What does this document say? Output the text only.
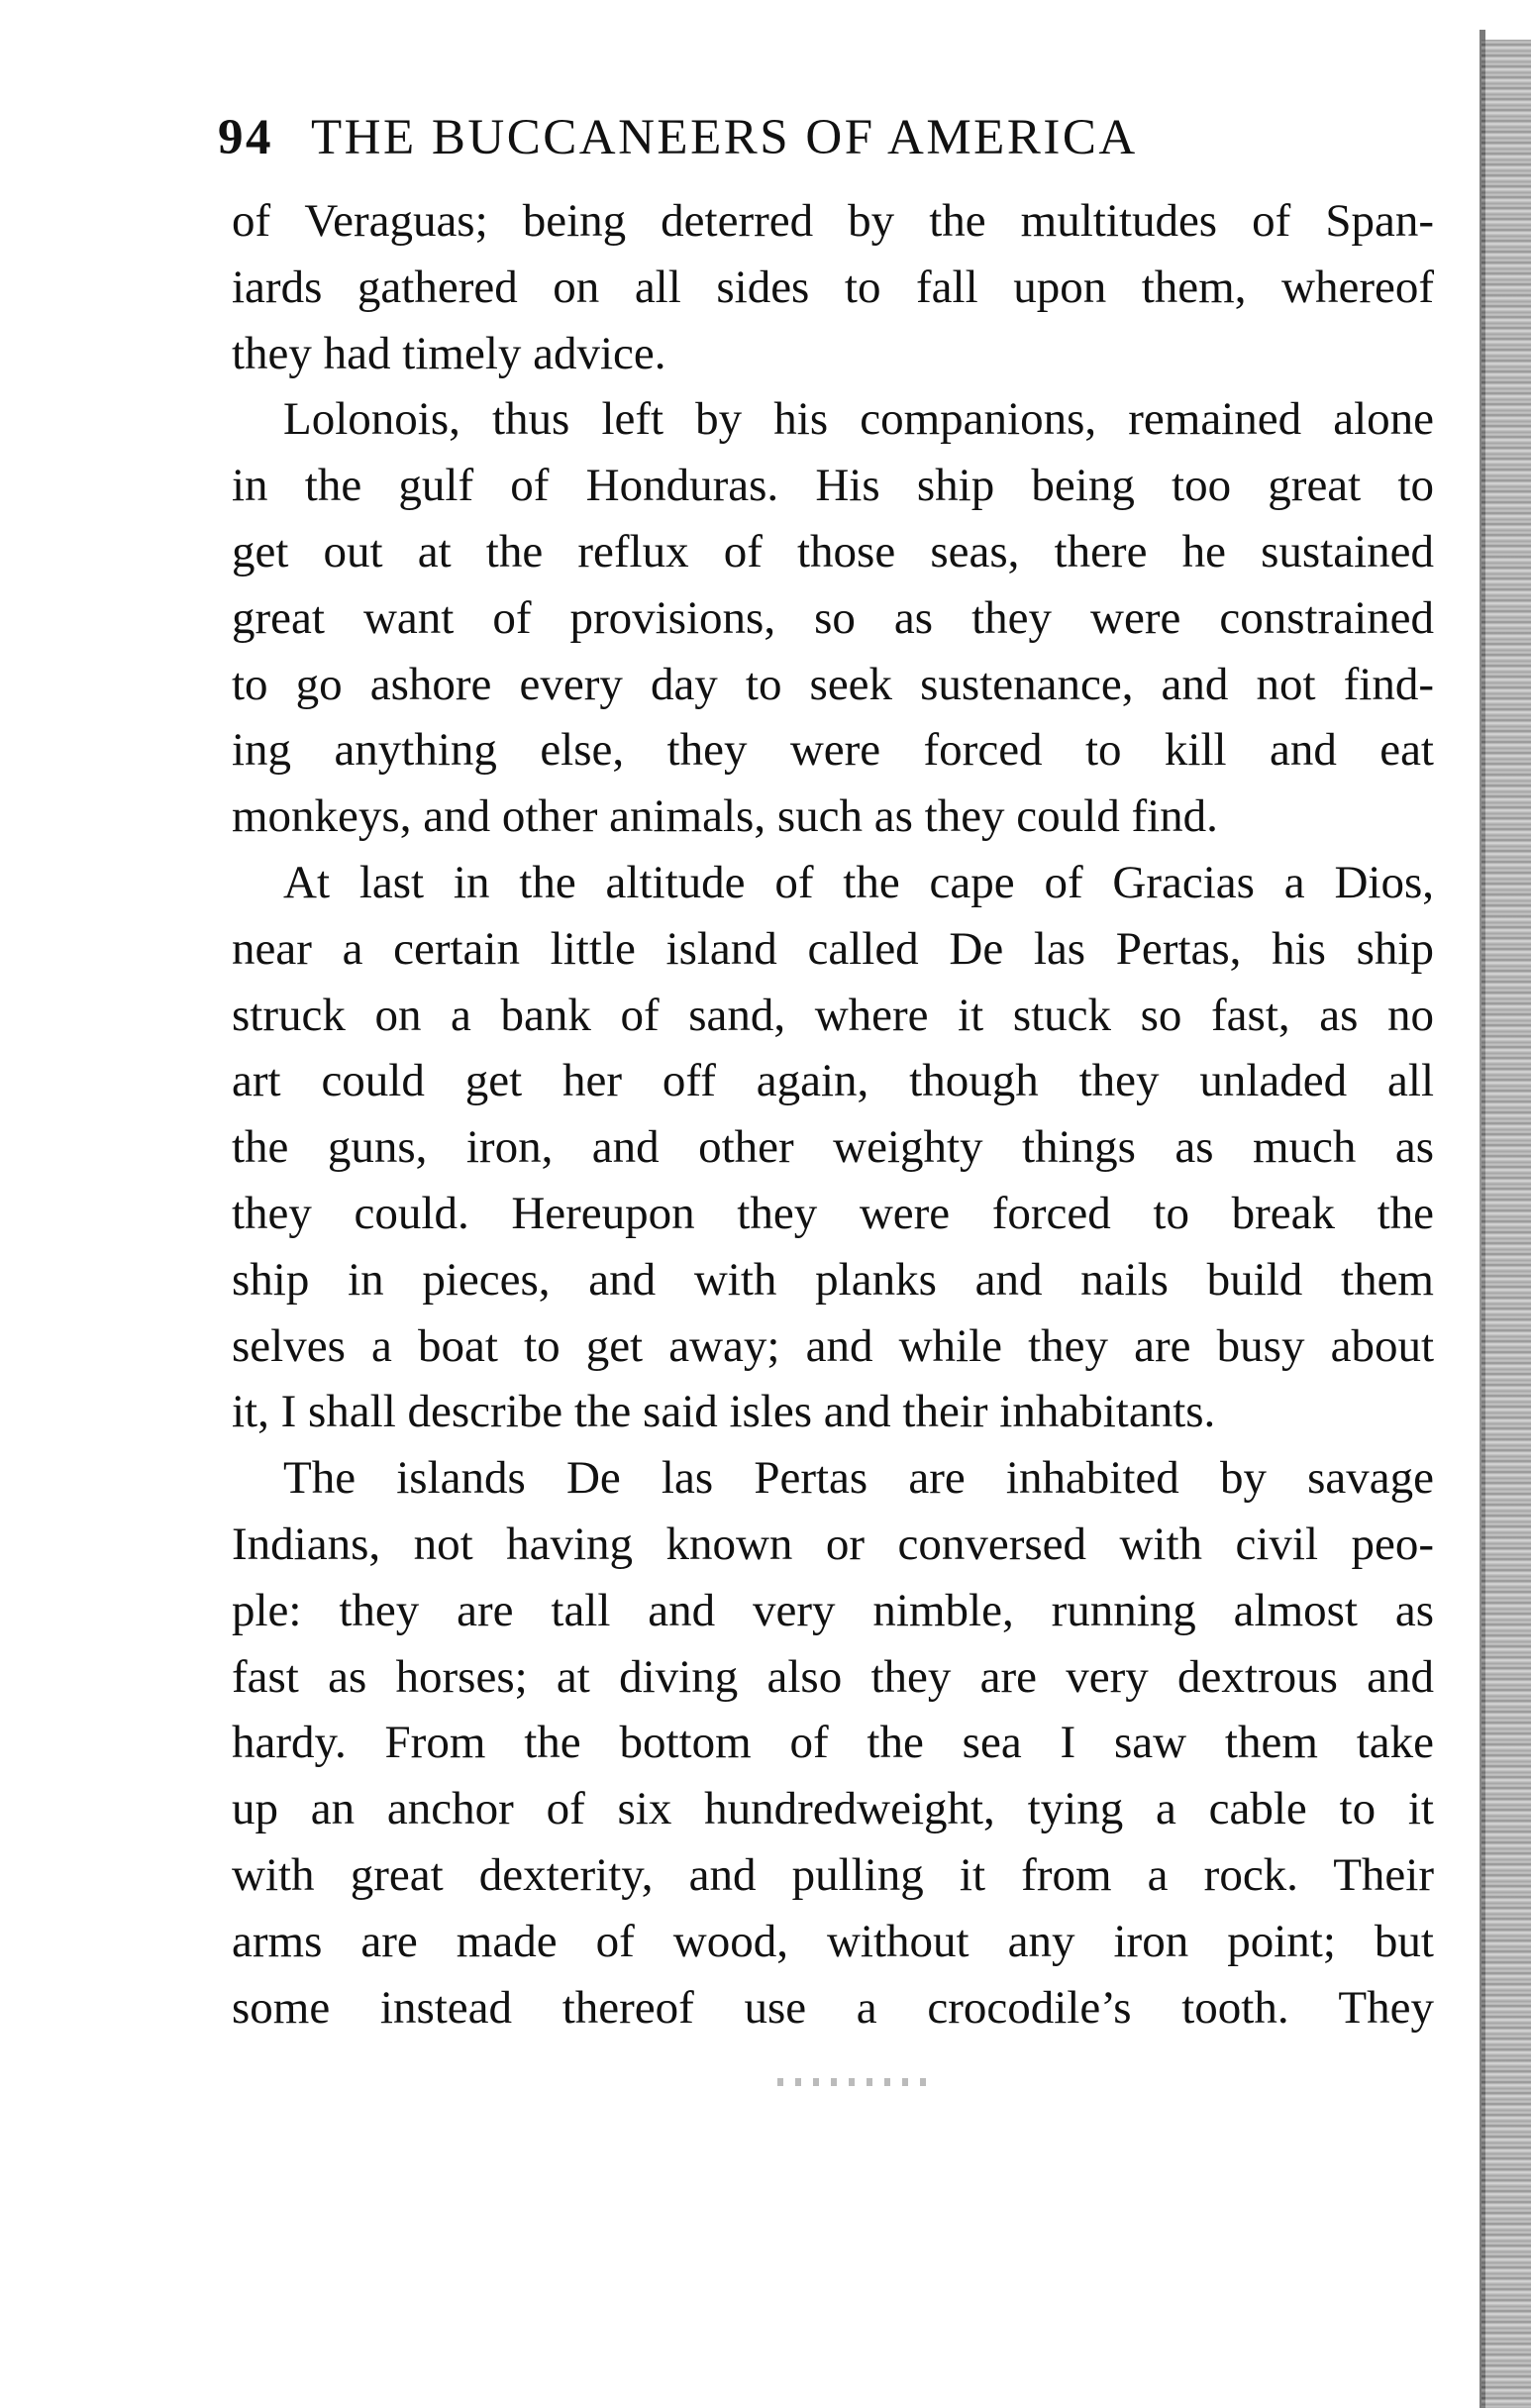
94 THE BUCCANEERS OF AMERICA
of Veraguas; being deterred by the multitudes of Span-
iards gathered on all sides to fall upon them, whereof
they had timely advice.
Lolonois, thus left by his companions, remained alone
in the gulf of Honduras. His ship being too great to
get out at the reflux of those seas, there he sustained
great want of provisions, so as they were constrained
to go ashore every day to seek sustenance, and not find-
ing anything else, they were forced to kill and eat
monkeys, and other animals, such as they could find.
At last in the altitude of the cape of Gracias a Dios,
near a certain little island called De las Pertas, his ship
struck on a bank of sand, where it stuck so fast, as no
art could get her off again, though they unladed all
the guns, iron, and other weighty things as much as
they could. Hereupon they were forced to break the
ship in pieces, and with planks and nails build them
selves a boat to get away; and while they are busy about
it, I shall describe the said isles and their inhabitants.
The islands De las Pertas are inhabited by savage
Indians, not having known or conversed with civil peo-
ple: they are tall and very nimble, running almost as
fast as horses; at diving also they are very dextrous and
hardy. From the bottom of the sea I saw them take
up an anchor of six hundredweight, tying a cable to it
with great dexterity, and pulling it from a rock. Their
arms are made of wood, without any iron point; but
some instead thereof use a crocodile’s tooth. They
